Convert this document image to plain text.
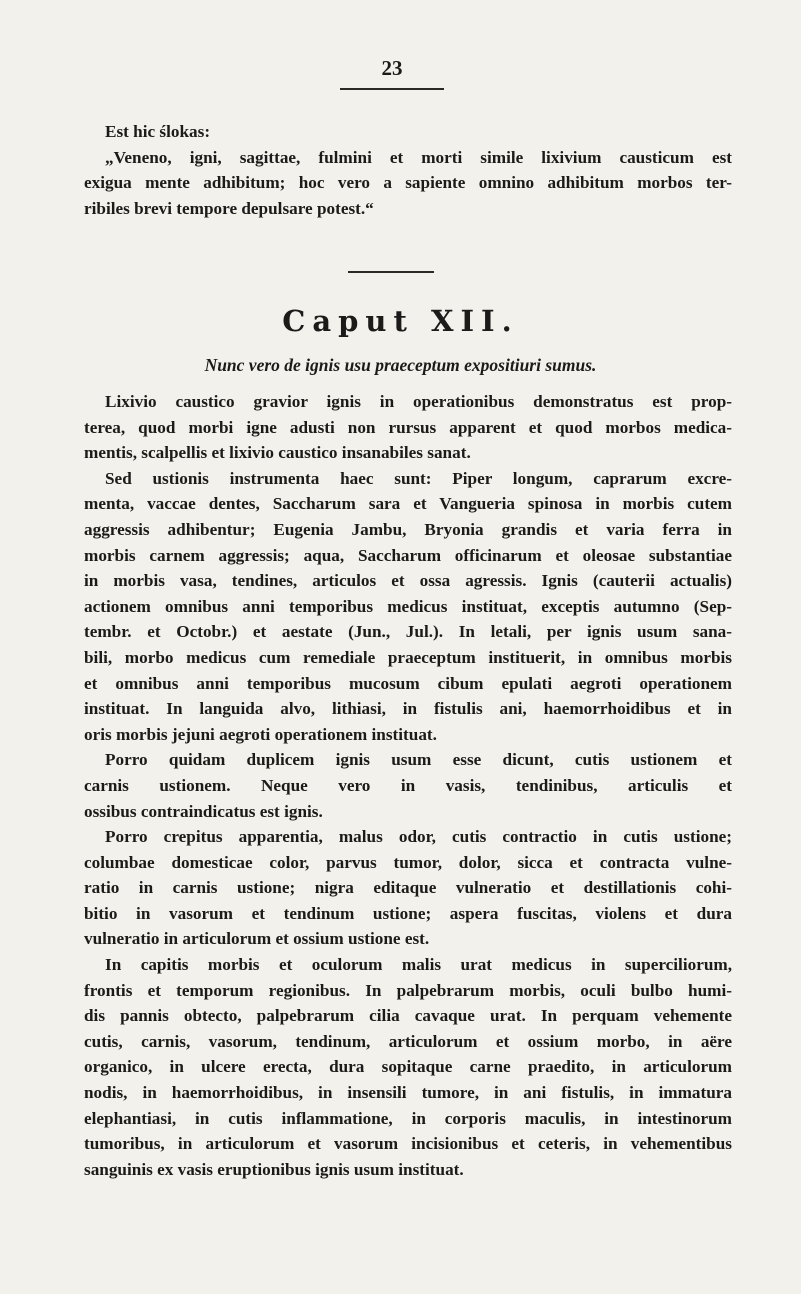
23
Est hic ślokas:
„Veneno, igni, sagittae, fulmini et morti simile lixivium causticum est
exigua mente adhibitum; hoc vero a sapiente omnino adhibitum morbos ter-
ribiles brevi tempore depulsare potest.“
Caput XII.
Nunc vero de ignis usu praeceptum expositiuri sumus.
Lixivio caustico gravior ignis in operationibus demonstratus est prop-
terea, quod morbi igne adusti non rursus apparent et quod morbos medica-
mentis, scalpellis et lixivio caustico insanabiles sanat.
Sed ustionis instrumenta haec sunt: Piper longum, caprarum excre-
menta, vaccae dentes, Saccharum sara et Vangueria spinosa in morbis cutem
aggressis adhibentur; Eugenia Jambu, Bryonia grandis et varia ferra in
morbis carnem aggressis; aqua, Saccharum officinarum et oleosae substantiae
in morbis vasa, tendines, articulos et ossa agressis. Ignis (cauterii actualis)
actionem omnibus anni temporibus medicus instituat, exceptis autumno (Sep-
tembr. et Octobr.) et aestate (Jun., Jul.). In letali, per ignis usum sana-
bili, morbo medicus cum remediale praeceptum instituerit, in omnibus morbis
et omnibus anni temporibus mucosum cibum epulati aegroti operationem
instituat. In languida alvo, lithiasi, in fistulis ani, haemorrhoidibus et in
oris morbis jejuni aegroti operationem instituat.
Porro quidam duplicem ignis usum esse dicunt, cutis ustionem et
carnis ustionem. Neque vero in vasis, tendinibus, articulis et
ossibus contraindicatus est ignis.
Porro crepitus apparentia, malus odor, cutis contractio in cutis ustione;
columbae domesticae color, parvus tumor, dolor, sicca et contracta vulne-
ratio in carnis ustione; nigra editaque vulneratio et destillationis cohi-
bitio in vasorum et tendinum ustione; aspera fuscitas, violens et dura
vulneratio in articulorum et ossium ustione est.
In capitis morbis et oculorum malis urat medicus in superciliorum,
frontis et temporum regionibus. In palpebrarum morbis, oculi bulbo humi-
dis pannis obtecto, palpebrarum cilia cavaque urat. In perquam vehemente
cutis, carnis, vasorum, tendinum, articulorum et ossium morbo, in aëre
organico, in ulcere erecta, dura sopitaque carne praedito, in articulorum
nodis, in haemorrhoidibus, in insensili tumore, in ani fistulis, in immatura
elephantiasi, in cutis inflammatione, in corporis maculis, in intestinorum
tumoribus, in articulorum et vasorum incisionibus et ceteris, in vehementibus
sanguinis ex vasis eruptionibus ignis usum instituat.
